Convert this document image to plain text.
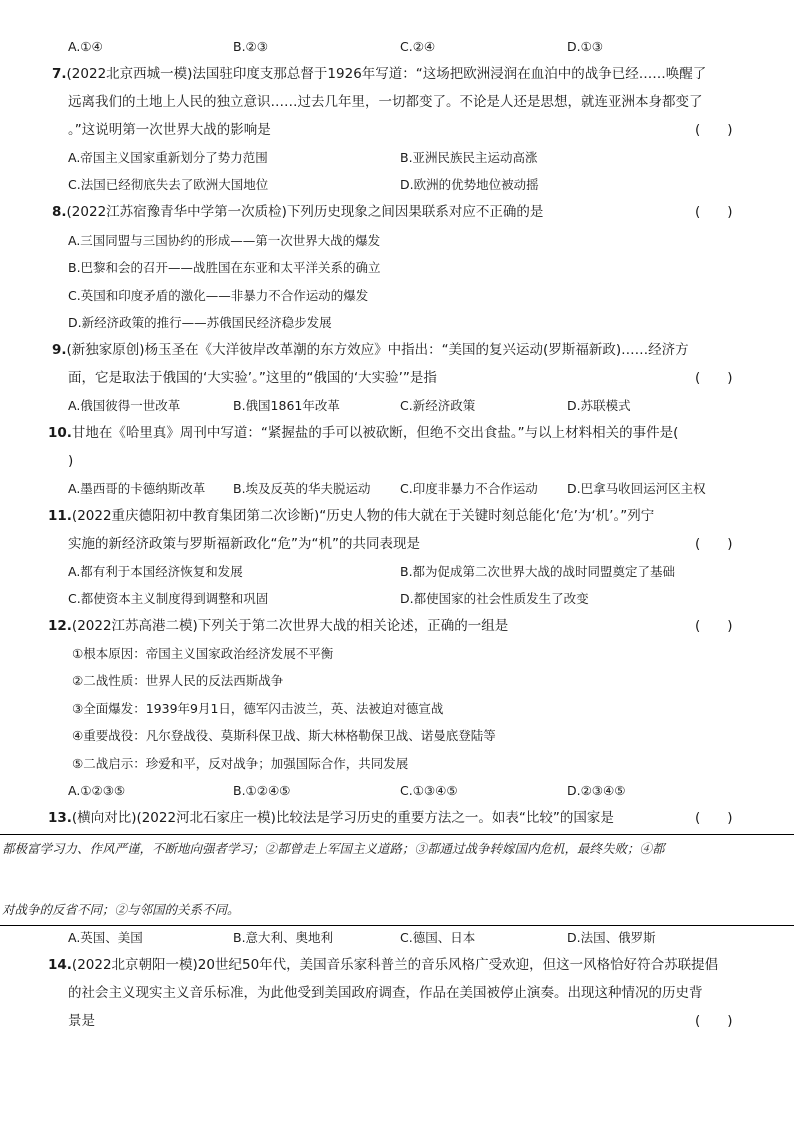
A.①④	B.②③	C.②④	D.①③
7.(2022北京西城一模)法国驻印度支那总督于1926年写道：“这场把欧洲浸润在血泊中的战争已经……唤醒了
远离我们的土地上人民的独立意识……过去几年里，一切都变了。不论是人还是思想，就连亚洲本身都变了
。”这说明第一次世界大战的影响是	(　　)
A.帝国主义国家重新划分了势力范围	B.亚洲民族民主运动高涨
C.法国已经彻底失去了欧洲大国地位	D.欧洲的优势地位被动摇
8.(2022江苏宿豫青华中学第一次质检)下列历史现象之间因果联系对应不正确的是	(　　)
A.三国同盟与三国协约的形成——第一次世界大战的爆发
B.巴黎和会的召开——战胜国在东亚和太平洋关系的确立
C.英国和印度矛盾的激化——非暴力不合作运动的爆发
D.新经济政策的推行——苏俄国民经济稳步发展
9.(新独家原创)杨玉圣在《大洋彼岸改革潮的东方效应》中指出：“美国的复兴运动(罗斯福新政)……经济方
面，它是取法于俄国的‘大实验’。”这里的“俄国的‘大实验’”是指	(　　)
A.俄国彼得一世改革	B.俄国1861年改革	C.新经济政策	D.苏联模式
10.甘地在《哈里真》周刊中写道：“紧握盐的手可以被砍断，但绝不交出食盐。”与以上材料相关的事件是(
)
A.墨西哥的卡德纳斯改革 B.埃及反英的华夫脱运动 C.印度非暴力不合作运动 D.巴拿马收回运河区主权
11.(2022重庆德阳初中教育集团第二次诊断)“历史人物的伟大就在于关键时刻总能化‘危’为‘机’。”列宁
实施的新经济政策与罗斯福新政化“危”为“机”的共同表现是	(　　)
A.都有利于本国经济恢复和发展	B.都为促成第二次世界大战的战时同盟奠定了基础
C.都使资本主义制度得到调整和巩固	D.都使国家的社会性质发生了改变
12.(2022江苏高港二模)下列关于第二次世界大战的相关论述，正确的一组是	(　　)
①根本原因：帝国主义国家政治经济发展不平衡
②二战性质：世界人民的反法西斯战争
③全面爆发：1939年9月1日，德军闪击波兰，英、法被迫对德宣战
④重要战役：凡尔登战役、莫斯科保卫战、斯大林格勒保卫战、诺曼底登陆等
⑤二战启示：珍爱和平，反对战争；加强国际合作，共同发展
A.①②③⑤	B.①②④⑤	C.①③④⑤	D.②③④⑤
13.(横向对比)(2022河北石家庄一模)比较法是学习历史的重要方法之一。如表“比较”的国家是	(　　)
都极富学习力、作风严谨，不断地向强者学习；②都曾走上军国主义道路；③都通过战争转嫁国内危机，最终失败；④都
对战争的反省不同；②与邻国的关系不同。
A.英国、美国	B.意大利、奥地利	C.德国、日本	D.法国、俄罗斯
14.(2022北京朝阳一模)20世纪50年代，美国音乐家科普兰的音乐风格广受欢迎，但这一风格恰好符合苏联提倡
的社会主义现实主义音乐标准，为此他受到美国政府调查，作品在美国被停止演奏。出现这种情况的历史背
景是	(　　)
